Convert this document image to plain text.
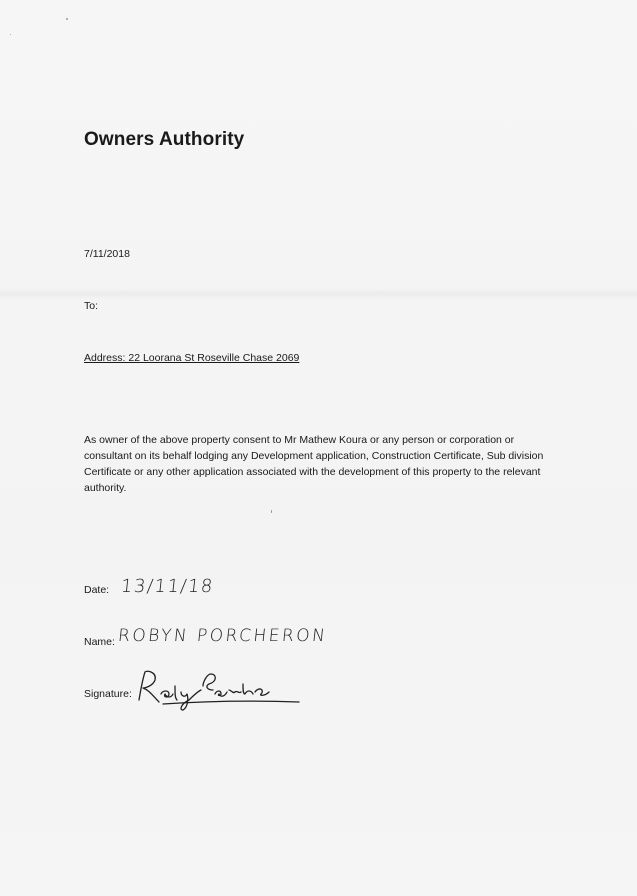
Owners Authority

7/11/2018

To:

Address: 22 Loorana St Roseville Chase 2069

As owner of the above property consent to Mr Mathew Koura or any person or corporation or consultant on its behalf lodging any Development application, Construction Certificate, Sub division Certificate or any other application associated with the development of this property to the relevant authority.

Date: 13/11/18

Name: ROBYN PORCHERON

Signature:
